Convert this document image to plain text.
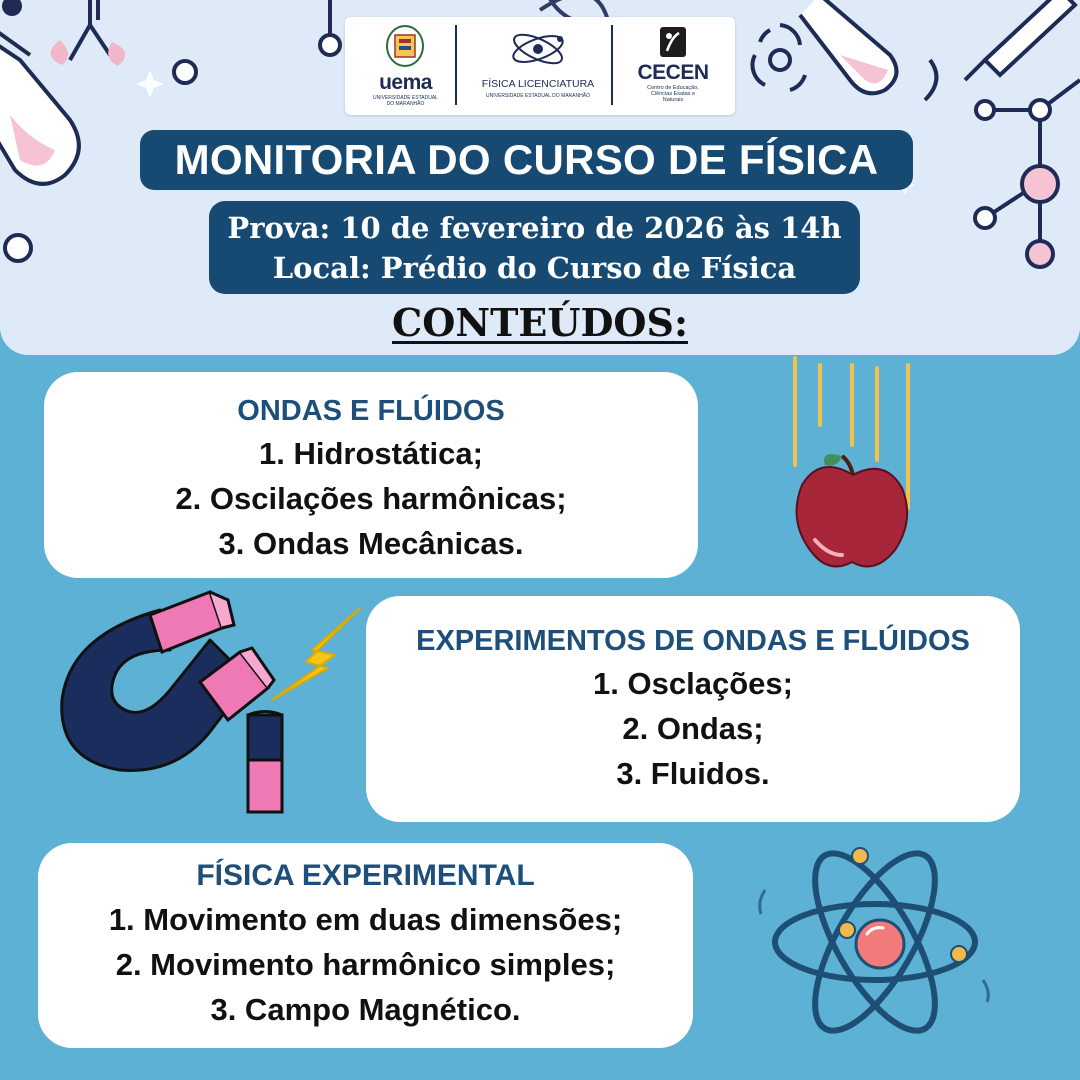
uema
UNIVERSIDADE ESTADUAL DO MARANHÃO
FÍSICA LICENCIATURA
UNIVERSIDADE ESTADUAL DO MARANHÃO
CECEN
Centro de Educação, Ciências Exatas e Naturais
MONITORIA DO CURSO DE FÍSICA
Prova: 10 de fevereiro de 2026 às 14h
Local: Prédio do Curso de Física
CONTEÚDOS:
ONDAS E FLÚIDOS
1. Hidrostática;
2. Oscilações harmônicas;
3. Ondas Mecânicas.
EXPERIMENTOS DE ONDAS E FLÚIDOS
1. Osclações;
2. Ondas;
3. Fluidos.
FÍSICA EXPERIMENTAL
1. Movimento em duas dimensões;
2. Movimento harmônico simples;
3. Campo Magnético.
